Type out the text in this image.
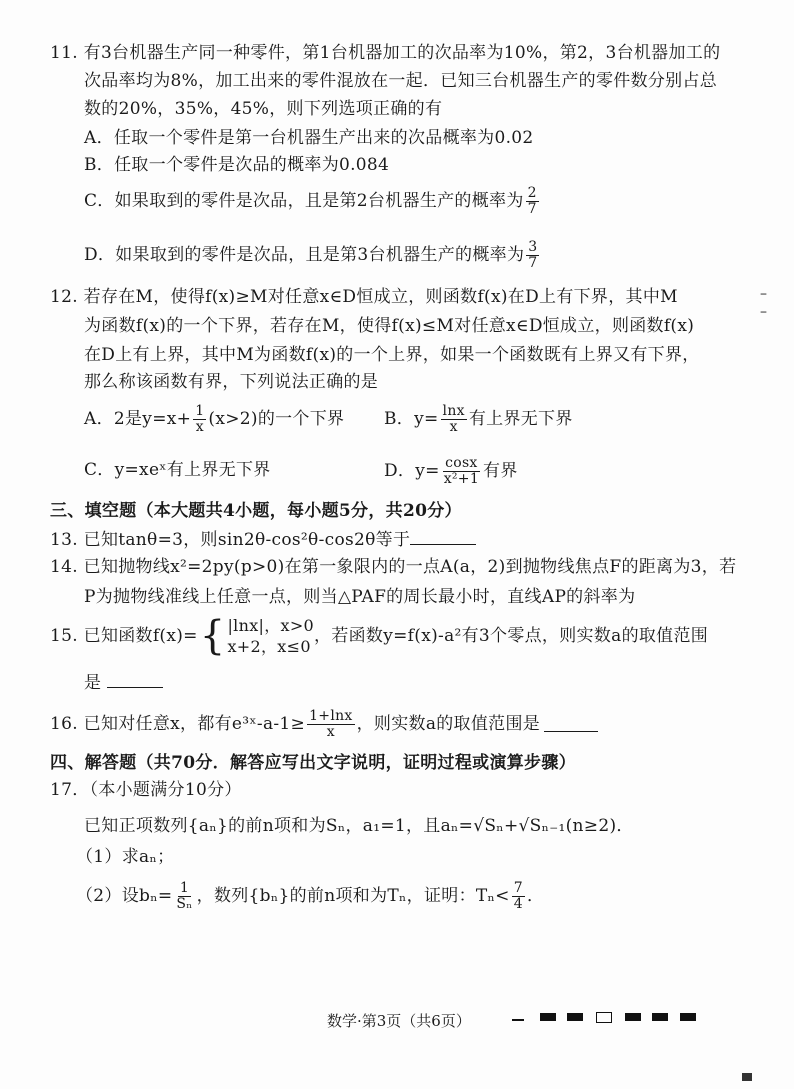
11. 有3台机器生产同一种零件，第1台机器加工的次品率为10%，第2，3台机器加工的
次品率均为8%，加工出来的零件混放在一起．已知三台机器生产的零件数分别占总
数的20%，35%，45%，则下列选项正确的有
A．任取一个零件是第一台机器生产出来的次品概率为0.02
B．任取一个零件是次品的概率为0.084
C．如果取到的零件是次品，且是第2台机器生产的概率为 $\frac{2}{7}$
D．如果取到的零件是次品，且是第3台机器生产的概率为 $\frac{3}{7}$
12. 若存在M，使得f(x)≥M对任意x∈D恒成立，则函数f(x)在D上有下界，其中M
为函数f(x)的一个下界，若存在M，使得f(x)≤M对任意x∈D恒成立，则函数f(x)
在D上有上界，其中M为函数f(x)的一个上界，如果一个函数既有上界又有下界，
那么称该函数有界，下列说法正确的是
A．2是$y=x+ \frac{1}{x} (x>2)$的一个下界 B．$y= \frac{\ln x}{x}$ 有上界无下界
C．y=xeˣ有上界无下界	D．$y= \frac{\cos x}{\text{x²+1}}$ 有界
三、填空题（本大题共4小题，每小题5分，共20分）
13. 已知tanθ=3，则sin2θ-cos²θ-cos2θ等于
14. 已知抛物线x²=2py(p>0)在第一象限内的一点A(a，2)到抛物线焦点F的距离为3，若
P为抛物线准线上任意一点，则当△PAF的周长最小时，直线AP的斜率为
15. 已知函数f(x)= { |lnx|，x>0
x+2，x≤0
，若函数y=f(x)-a²有3个零点，则实数a的取值范围
是
16. 已知对任意x，都有e³ˣ-a-1≥ $\frac{1+\ln x}{x}$ ，则实数a的取值范围是
四、解答题（共70分．解答应写出文字说明，证明过程或演算步骤）
17．（本小题满分10分）
已知正项数列{aₙ}的前n项和为Sₙ，a₁=1，且aₙ=√Sₙ+√Sₙ₋₁(n≥2)．
（1）求aₙ；
（2）设$b_n= \frac{1}{\text{Sₙ}}$ ，数列{bₙ}的前n项和为Tₙ，证明：$T_n< \frac{7}{4}$ ．
–
–
数学·第3页（共6页）
